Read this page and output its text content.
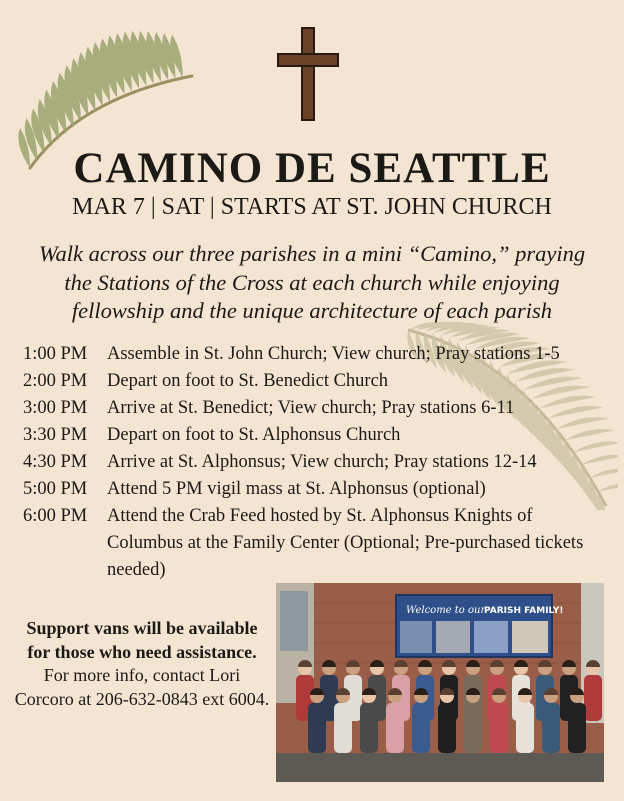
CAMINO DE SEATTLE
MAR 7 | SAT | STARTS AT ST. JOHN CHURCH
Walk across our three parishes in a mini “Camino,” praying the Stations of the Cross at each church while enjoying fellowship and the unique architecture of each parish
1:00 PM	Assemble in St. John Church; View church; Pray stations 1-5
2:00 PM	Depart on foot to St. Benedict Church
3:00 PM	Arrive at St. Benedict; View church; Pray stations 6-11
3:30 PM	Depart on foot to St. Alphonsus Church
4:30 PM	Arrive at St. Alphonsus; View church; Pray stations 12-14
5:00 PM	Attend 5 PM vigil mass at St. Alphonsus (optional)
6:00 PM	Attend the Crab Feed hosted by St. Alphonsus Knights of Columbus at the Family Center (Optional; Pre-purchased tickets needed)
Support vans will be available for those who need assistance. For more info, contact Lori Corcoro at 206-632-0843 ext 6004.
Welcome to our
PARISH FAMILY!
